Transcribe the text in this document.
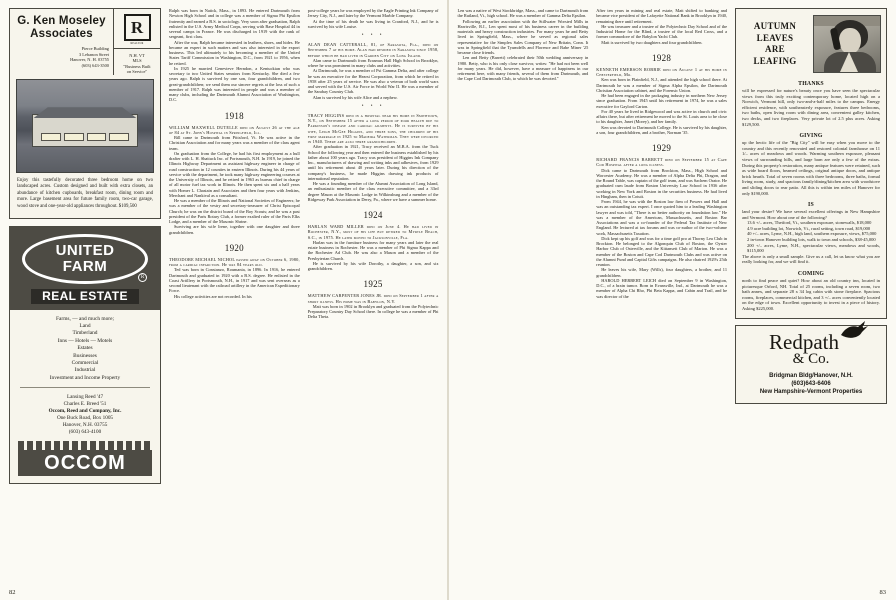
G. Ken Moseley
Associates
Pierce Building
3 Lebanon Street
Hanover, N. H. 03755
(603) 643-3500
R
REALTOR
N.H. VT
MLS
"Business Built
on Service"
Enjoy this tastefully decorated three bedroom home on two landscaped acres. Custom designed and built with extra closets, an abundance of kitchen cupboards, breakfast room, dining room and more. Large basement area for future family room, two-car garage, wood stove and one-year-old appliances throughout. $109,500
UNITED
FARM
REAL ESTATE
R
Farms, — and much more;
Land
Timberland
Inns — Hotels — Motels
Estates
Businesses
Commercial
Industrial
Investment and Income Property
Lansing Reed '47
Charles E. Breed '51
Occom, Reed and Company, Inc.
One Buck Road, Box 1005
Hanover, N.H. 03755
(603) 643-4100
OCCOM
82

Ralph was born in Natick, Mass., in 1893. He entered Dartmouth from Newton High School and in college was a member of Sigma Phi Epsilon fraternity and earned a B.S. in sociology. Very soon after graduation, Ralph enlisted in the U.S. Army Medical Corps, serving with Base Hospital 44 in several camps in France. He was discharged in 1919 with the rank of sergeant, first class.

After the war, Ralph became interested in leathers, shoes, and hides. He became an expert in such matters and was also interested in the export business. This led ultimately to his becoming a member of the United States Tariff Commission in Washington, D.C., from 1921 to 1956, when he retired.

In 1925 he married Genevieve Herndon, a Kentuckian who was secretary to two United States senators from Kentucky. She died a few years ago. Ralph is survived by one son, four grandchildren, and two great-grandchildren; we send them our sincere regrets at the loss of such a member of 1917. Ralph was interested in people and was a member of many clubs, including the Dartmouth Alumni Association of Washington, D.C.

1918

WILLIAM MAXWELL DUTELLE died on August 26 at the age of 84 at St. John's Hospital in Springfield, Ill.

Bill came to Dartmouth from Pittsford, Vt. He was active in the Christian Association and for many years was a member of the class agent team.

On graduation from the College, he had his first employment as a hull drafter with L. H. Shattuck Inc. of Portsmouth, N.H. In 1919, he joined the Illinois Highway Department as assistant highway engineer in charge of road construction in 12 counties in eastern Illinois. During his 44 years of service with the department, he took many highway engineering courses at the University of Illinois, and he retired in 1963 as bureau chief in charge of all motor fuel tax work in Illinois. He then spent six and a half years with Homer L. Chastain and Associates and then four years with Jenkins, Merchant and Nankival as a consultant.

He was a member of the Illinois and National Societies of Engineers; he was a member of the vestry and secretary-treasurer of Christ Episcopal Church; he was on the district board of the Boy Scouts; and he was a past president of the Paris Rotary Club, a former exalted ruler of the Paris Elks Lodge, and a member of the Masonic Shrine.

Surviving are his wife Irene, together with one daughter and three grandchildren.

1920

THEODORE MICHAEL NICHOL passed away on October 6, 1980, from a cardiac infarction. He was 84 years old.

Ted was born in Constanzo, Roumania, in 1896. In 1916, he entered Dartmouth and graduated in 1920 with a B.S. degree. He enlisted in the Coast Artillery in Portsmouth, N.H., in 1917 and was sent overseas as a second lieutenant with the railroad artillery in the American Expeditionary Force.

His college activities are not recorded. In his

post-college years he was employed by the Eagle Printing Ink Company of Jersey City, N.J., and later by the Vermont Marble Company.

At the time of his death he was living in Cranford, N.J., and he is survived by his wife Louise.

• • •

ALAN DEAN CATTERALL, 81, of Sarasota, Fla., died on September 7 at his home. Alan had resided in Sarasota since 1958, before which he had lived in Garden City on Long Island.

Alan came to Dartmouth from Erasmus Hall High School in Brooklyn, where he was prominent in many clubs and activities.

At Dartmouth, he was a member of Psi Gamma Delta, and after college he was an executive for the Hearst Corporation, from which he retired in 1958 after 25 years of service. He was also a veteran of both world wars and served with the U.S. Air Force in World War II. He was a member of the Sarabay Country Club.

Alan is survived by his wife Alice and a nephew.

• • •

TRACY HIGGINS died in a hospital near his home in Smithtown, N.Y., on September 15 after a long period of poor health due to Parkinson's disease and cardiac ailments. He is survived by his wife, Leigh McGee Higgins, and three sons, the children of his first marriage in 1925 to Madeira Waterman. They were divorced in 1940. There are also three grandchildren.

After graduation in 1921, Tracy received an M.B.A. from the Tuck School the following year and then entered the business established by his father about 100 years ago. Tracy was president of Higgins Ink Company Inc., manufacturers of drawing and writing inks and adhesives, from 1929 until his retirement about 40 years later. During his direction of the company's business, he made Higgins drawing ink products of international reputation.

He was a founding member of the Alumni Association of Long Island, an enthusiastic member of the class executive committee, and a 33rd degree Mason at the Masonic Lodge in Wilkinsburg and a member of the Ridgeway Park Association in Derry, Pa., where we have a summer home.

1924

HARLAN WARD MILLER died on June 4. He had lived in Rochester, N.Y., most of his life but retired to Myrtle Beach, S.C., in 1975. He later moved to Jacksonville, Fla.

Harlan was in the furniture business for many years and later the real estate business in Rochester. He was a member of Phi Sigma Kappa and the Rochester Ad Club. He was also a Mason and a member of the Presbyterian Church.

He is survived by his wife Dorothy, a daughter, a son, and six grandchildren.

1925

MATTHEW CARPENTER JONES JR. died on September 1 after a short illness. His home was in Babylon, N.Y.

Matt was born in 1902 in Brooklyn and graduated from the Polytechnic Preparatory Country Day School there. In college he was a member of Phi Delta Theta.

Len was a native of West Stockbridge, Mass., and came to Dartmouth from the Rutland, Vt., high school. He was a member of Gamma Delta Epsilon.

Following an earlier association with the Stillwater Worsted Mills in Harrisville, R.I., Len spent most of his business career in the building materials and heavy construction industries. For many years he and Betty lived in Springfield, Mass., where he served as regional sales representative for the Simplex Sales Company of New Britain, Conn. It was in Springfield that the Tyumdells and Florence and Babe Miner '25 became close friends.

Len and Betty (Barrett) celebrated their 50th wedding anniversary in 1980. Betty, who is his only close survivor, writes: "He had not been well for many years. He did, however, have a measure of happiness in our retirement here, with many friends, several of them from Dartmouth, and the Cape Cod Dartmouth Club, to which he was devoted."

After ten years in mining and real estate, Matt shifted to banking and became vice president of the Lafayette National Bank in Brooklyn in 1940, remaining there until retirement.

He was treasurer and a trustee of the Polytechnic Day School and of the Industrial Home for the Blind, a trustee of the local Red Cross, and a former commodore of the Babylon Yacht Club.

Matt is survived by two daughters and four grandchildren.

1928

KENNETH EMERSON ROBBIE died on August 1 at his home in Chesterfield, Mo.

Ken was born in Plainfield, N.J., and attended the high school there. At Dartmouth he was a member of Sigma Alpha Epsilon, the Dartmouth Christian Association cabinet, and the Forensic Union.

He had been engaged in the packaging industry in northern New Jersey since graduation. From 1945 until his retirement in 1974, he was a sales executive for Gaylord Carton.

For 40 years he lived in Ridgewood and was active in church and civic affairs there, but after retirement he moved to the St. Louis area to be close to his daughter, Janet (Morey), and her family.

Ken was devoted to Dartmouth College. He is survived by his daughter, a son, four grandchildren, and a brother, Norman '35.

1929

RICHARD FRANCIS BARRETT died on September 15 at Cape Cod Hospital after a long illness.

Dick came to Dartmouth from Brockton, Mass., High School and Worcester Academy. He was a member of Alpha Delta Phi, Dragon, and the Round Table, was captain of the golf team, and was Sachem Orator. He graduated cum laude from Boston University Law School in 1936 after working in New York and Boston in the securities business. He had lived in Hingham, then in Cotuit.

From 1944, he was with the Boston law firm of Powers and Hall and was an outstanding tax expert. I once quoted him to a leading Washington lawyer and was told, "There is no better authority on foundation law." He was a member of the American, Massachusetts, and Boston Bar Associations and was a co-founder of the Federal Tax Institute of New England. He lectured at tax forums and was co-author of the two-volume work, Massachusetts Taxation.

Dick kept up his golf and was for a time golf pro at Thorny Lea Club in Brockton. He belonged to the Algonquin Club of Boston, the Oyster Harbor Club of Osterville, and the Kittansett Club of Marion. He was a member of the Boston and Cape Cod Dartmouth Clubs and was active on the Alumni Fund and Capital Gifts campaigns. He also chaired 1929's 25th reunion.

He leaves his wife, Mary (Wills), four daughters, a brother, and 11 grandchildren.

HAROLD HERBERT LEICH died on September 9 in Washington, D.C., of a brain tumor. Born in Evansville, Ind., at Dartmouth he was a member of Alpha Chi Rho, Phi Beta Kappa, and Cabin and Trail, and he was director of the

AUTUMN
LEAVES
ARE
LEAFING
THANKS

will be expressed for nature's beauty once you have seen the spectacular views from this truly exciting contemporary home, located high on a Norwich, Vermont hill, only two-and-a-half miles to the campus. Energy efficient residence, with southeasterly exposure, features three bedrooms, two baths, open living room with dining area, convenient galley kitchen, two decks, and two fireplaces. Very private lot of 2.5 plus acres. Asking $129,500.

GIVING

up the hectic life of the "Big City" will be easy when you move to the country and this recently renovated and restored colonial farmhouse on 11 1/– acres of meadows and woods. Warming southern exposure, pleasant views of surrounding hills, and large barn are only a few of the extras. During this property's restoration, many antique features were retained, such as wide board floors, beamed ceilings, original antique doors, and antique brick hearth. Total of seven rooms with three bedrooms, three baths, formal living room, study, and spacious family/dining/kitchen area with woodstove and sliding doors to rear patio. All this is within ten miles of Hanover for only $190,000.

IS

land your desire? We have several excellent offerings in New Hampshire and Vermont. How about one of the following?

13.6 +/– acres, Thetford, Vt., southern exposure, stonewalls, $18,000

4.9 acre building lot, Norwich, Vt., rural setting, town road, $19,000

40 +/– acres, Lyme, N.H., high land, southern exposure, views, $75,000

2 in-town Hanover building lots, walk to town and schools, $38-45,000

200 +/– acres, Lyme, N.H., spectacular views, meadows and woods, $115,000

The above is only a small sample. Give us a call, let us know what you are really looking for, and we will find it.

COMING

north to find peace and quiet? How about an old country inn, located in picturesque Orford, NH. Total of 25 rooms, including a seven room, two bath annex, and separate 28 x 34 log cabin with stone fireplace. Spacious rooms, fireplaces, commercial kitchen, and 3 +/– acres conveniently located on the edge of town. Excellent opportunity to invest in a piece of history. Asking $225,000.

Redpath
& Co.
Bridgman Bldg/Hanover, N.H.
(603)643-6406
New Hampshire-Vermont Properties
83
